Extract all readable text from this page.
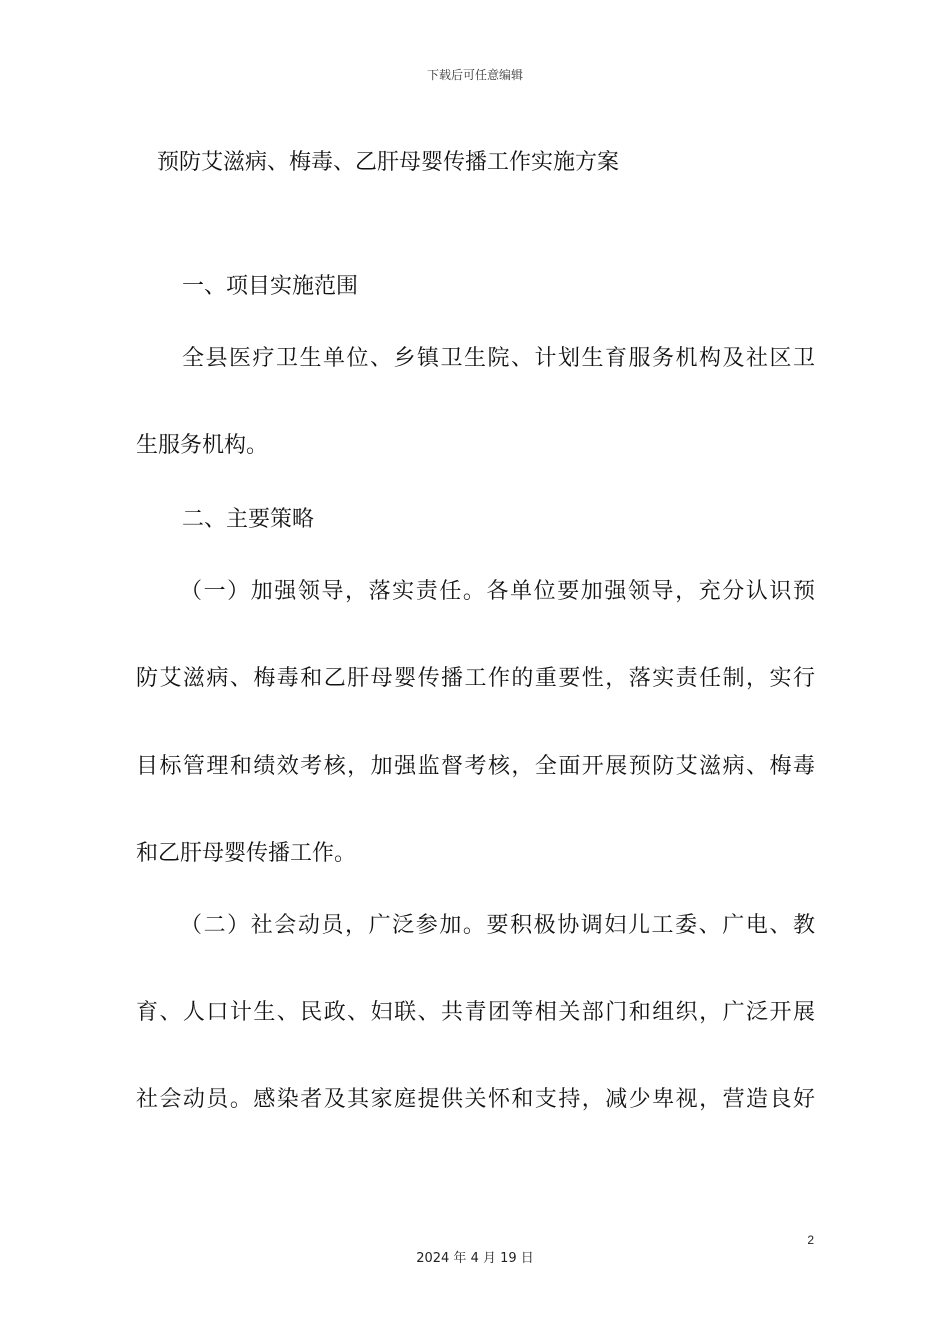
下载后可任意编辑
预防艾滋病、梅毒、乙肝母婴传播工作实施方案
一、项目实施范围
全县医疗卫生单位、乡镇卫生院、计划生育服务机构及社区卫
生服务机构。
二、主要策略
（一）加强领导，落实责任。各单位要加强领导，充分认识预
防艾滋病、梅毒和乙肝母婴传播工作的重要性，落实责任制，实行
目标管理和绩效考核，加强监督考核，全面开展预防艾滋病、梅毒
和乙肝母婴传播工作。
（二）社会动员，广泛参加。要积极协调妇儿工委、广电、教
育、人口计生、民政、妇联、共青团等相关部门和组织，广泛开展
社会动员。感染者及其家庭提供关怀和支持，减少卑视，营造良好
2
2024 年 4 月 19 日
